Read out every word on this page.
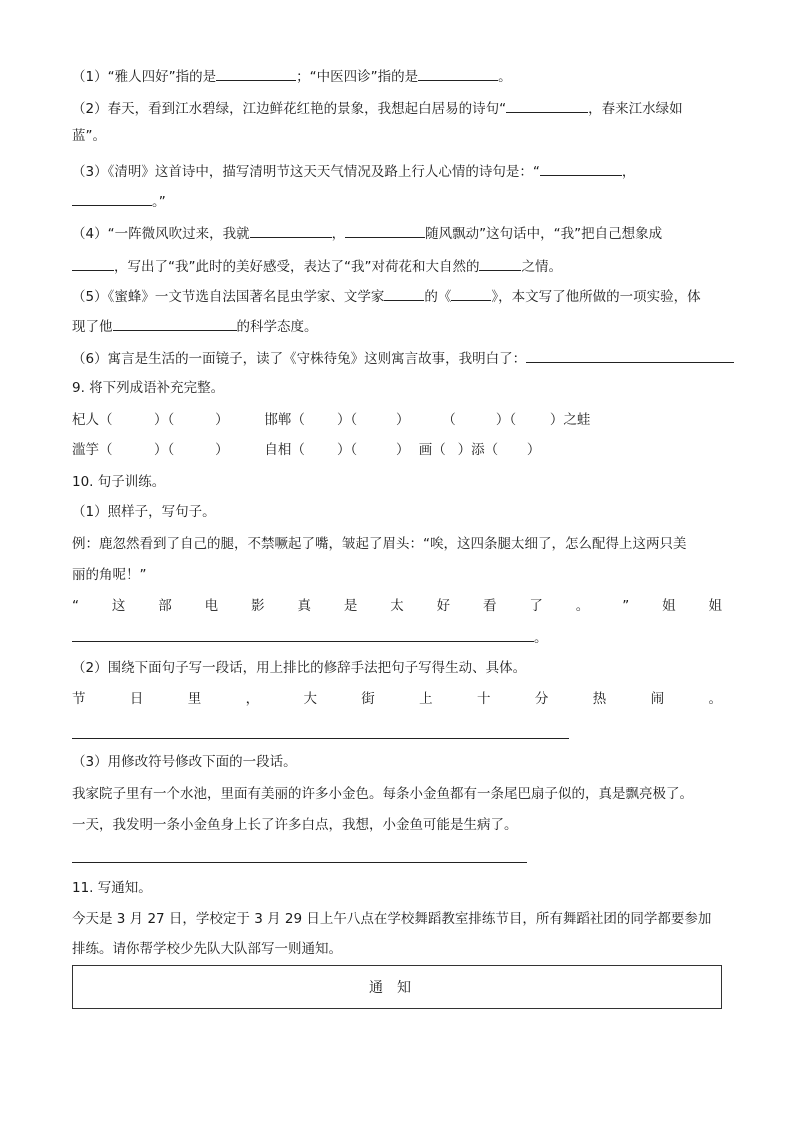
（1）“雅人四好”指的是	；“中医四诊”指的是	。
（2）春天，看到江水碧绿，江边鲜花红艳的景象，我想起白居易的诗句“	，春来江水绿如
蓝”。
（3）《清明》这首诗中，描写清明节这天天气情况及路上行人心情的诗句是：“	，
。”
（4）“一阵微风吹过来，我就	，	随风飘动”这句话中，“我”把自己想象成
，写出了“我”此时的美好感受，表达了“我”对荷花和大自然的	之情。
（5）《蜜蜂》一文节选自法国著名昆虫学家、文学家	的《	》，本文写了他所做的一项实验，体
现了他	的科学态度。
（6）寓言是生活的一面镜子，读了《守株待兔》这则寓言故事，我明白了：
9. 将下列成语补充完整。
杞人（	）（	）	邯郸（ ）（	） （	）（	）之蛙
滥竽（	）（	）	自相（ ）（	） 画（ ）添（ ）
10. 句子训练。
（1）照样子，写句子。
例：鹿忽然看到了自己的腿，不禁噘起了嘴，皱起了眉头：“唉，这四条腿太细了，怎么配得上这两只美
丽的角呢！”
“ 这 部 电 影 真 是 太 好 看 了 。 ” 姐 姐
。
（2）围绕下面句子写一段话，用上排比的修辞手法把句子写得生动、具体。
节	日	里	，	大	街	上	十	分	热	闹	。
（3）用修改符号修改下面的一段话。
我家院子里有一个水池，里面有美丽的许多小金色。每条小金鱼都有一条尾巴扇子似的，真是飘亮极了。
一天，我发明一条小金鱼身上长了许多白点，我想，小金鱼可能是生病了。
11. 写通知。
今天是 3 月 27 日，学校定于 3 月 29 日上午八点在学校舞蹈教室排练节目，所有舞蹈社团的同学都要参加
排练。请你帮学校少先队大队部写一则通知。
通知
